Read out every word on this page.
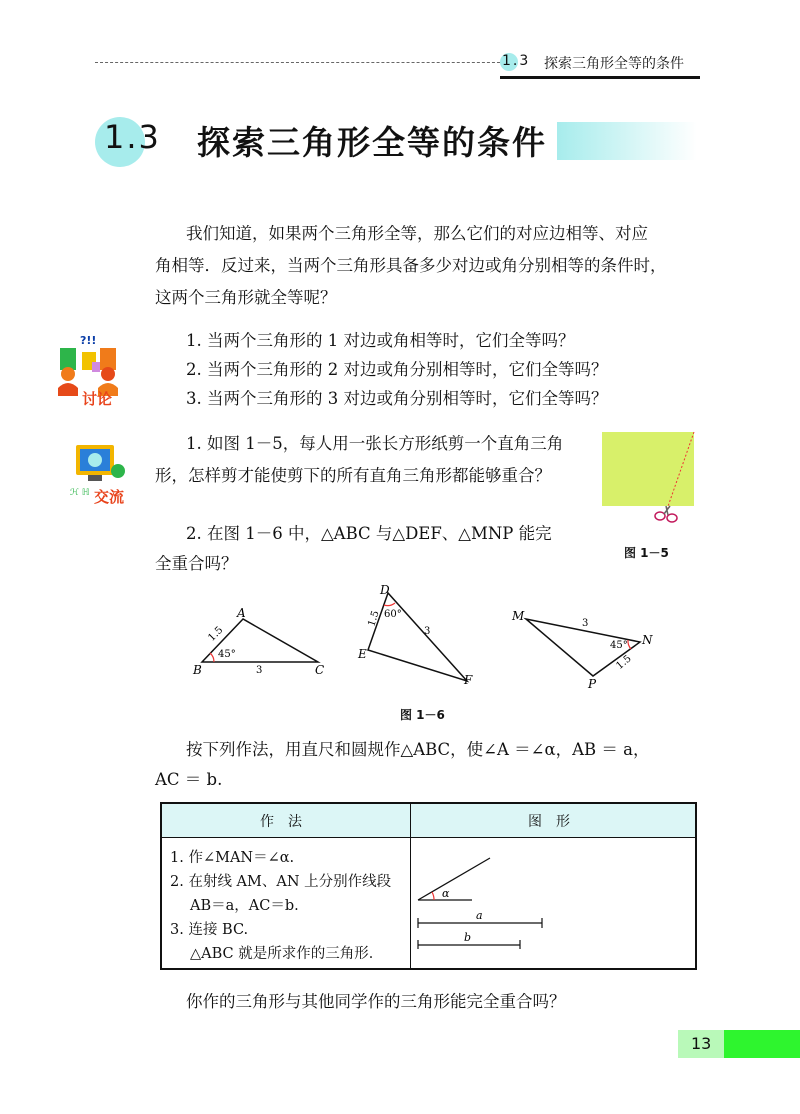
1.3 探索三角形全等的条件
1.3 探索三角形全等的条件
我们知道，如果两个三角形全等，那么它们的对应边相等、对应
角相等．反过来，当两个三角形具备多少对边或角分别相等的条件时，
这两个三角形就全等呢？
?!!
讨论
1. 当两个三角形的 1 对边或角相等时，它们全等吗？
2. 当两个三角形的 2 对边或角分别相等时，它们全等吗？
3. 当两个三角形的 3 对边或角分别相等时，它们全等吗？
ℋ ℍ 交流
1. 如图 1－5，每人用一张长方形纸剪一个直角三角
形，怎样剪才能使剪下的所有直角三角形都能够重合？
2. 在图 1－6 中，△ABC 与△DEF、△MNP 能完
全重合吗？
图 1－5
A
B	C
1.5
3
45°
D
E
F
1.5
3
60°	M
N
P
3
1.5
45°
图 1－6
按下列作法，用直尺和圆规作△ABC，使∠A ＝∠α，AB ＝ a，
AC ＝ b.
作　法	图　形
1. 作∠MAN＝∠α.
2. 在射线 AM、AN 上分别作线段
AB＝a，AC＝b.
3. 连接 BC.
△ABC 就是所求作的三角形．
α
a
b
你作的三角形与其他同学作的三角形能完全重合吗？
13
